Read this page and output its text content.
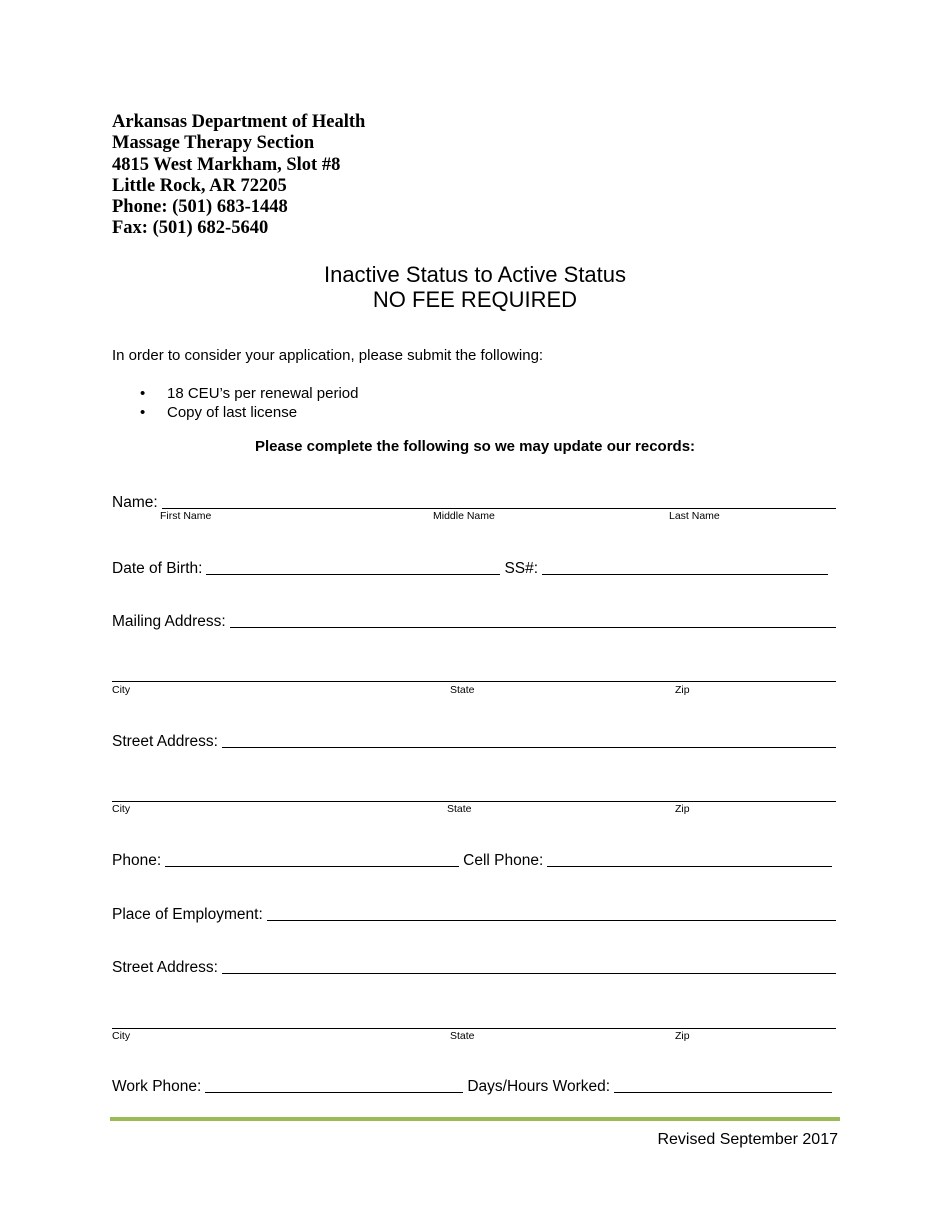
Arkansas Department of Health
Massage Therapy Section
4815 West Markham, Slot #8
Little Rock, AR 72205
Phone: (501) 683-1448
Fax: (501) 682-5640
Inactive Status to Active Status
NO FEE REQUIRED
In order to consider your application, please submit the following:
• 18 CEU’s per renewal period
• Copy of last license
Please complete the following so we may update our records:
Name:
First Name	Middle Name	Last Name
Date of Birth:	SS#:
Mailing Address:
City	State	Zip
Street Address:
City	State	Zip
Phone:	Cell Phone:
Place of Employment:
Street Address:
City	State	Zip
Work Phone:	Days/Hours Worked:
Revised September 2017
